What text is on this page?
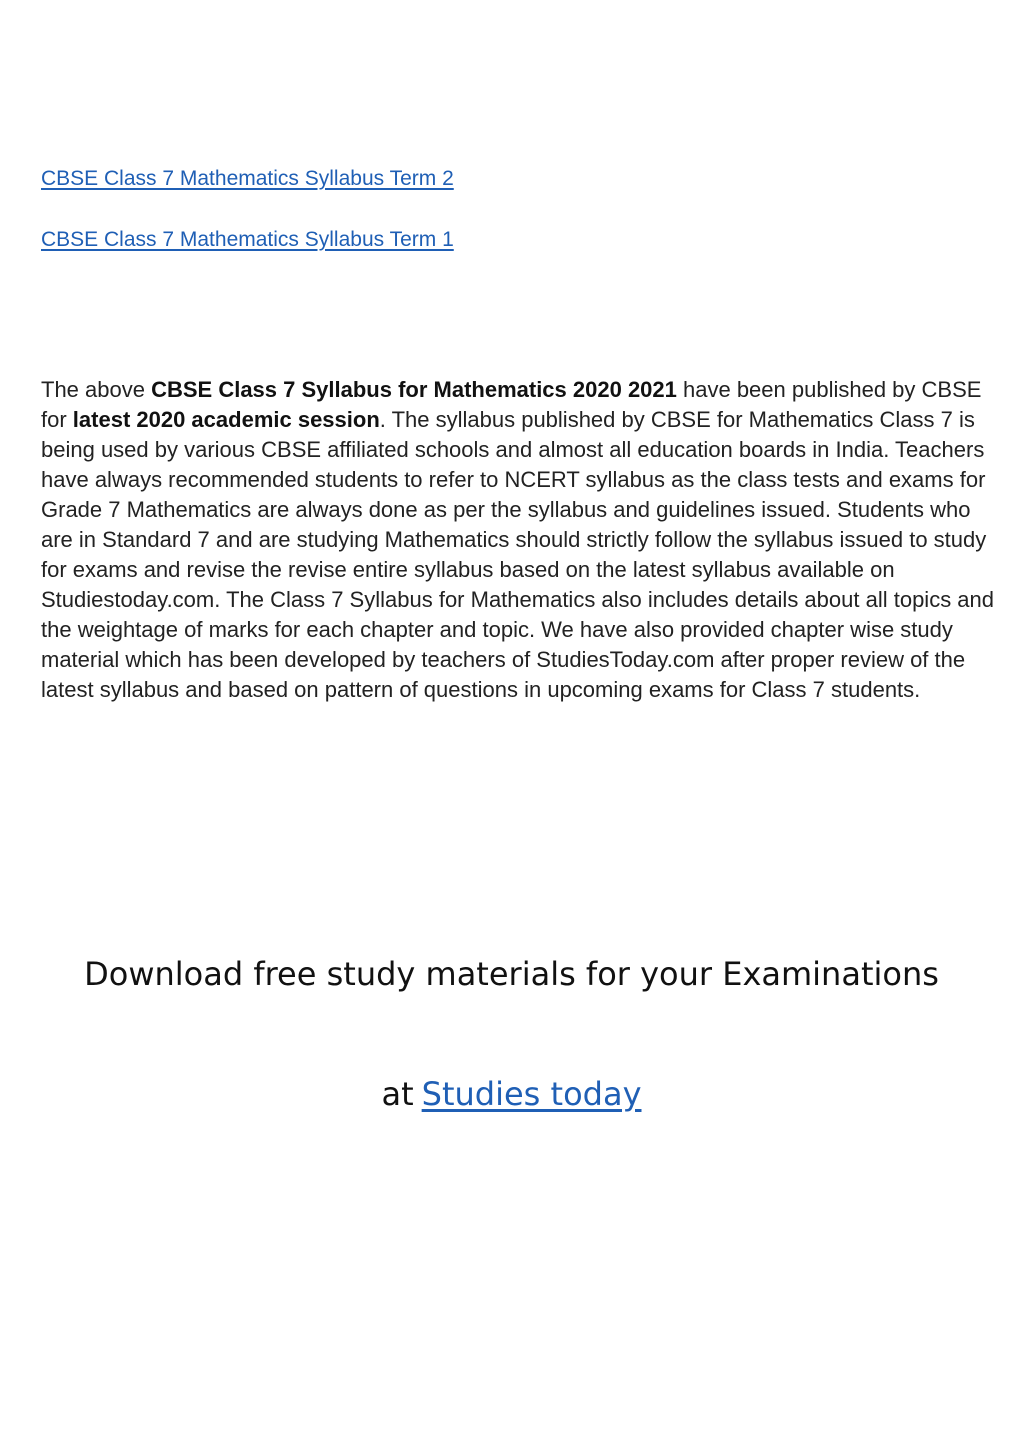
CBSE Class 7 Mathematics Syllabus Term 2
CBSE Class 7 Mathematics Syllabus Term 1
The above CBSE Class 7 Syllabus for Mathematics 2020 2021 have been published by CBSE for latest 2020 academic session. The syllabus published by CBSE for Mathematics Class 7 is being used by various CBSE affiliated schools and almost all education boards in India. Teachers have always recommended students to refer to NCERT syllabus as the class tests and exams for Grade 7 Mathematics are always done as per the syllabus and guidelines issued. Students who are in Standard 7 and are studying Mathematics should strictly follow the syllabus issued to study for exams and revise the revise entire syllabus based on the latest syllabus available on Studiestoday.com. The Class 7 Syllabus for Mathematics also includes details about all topics and the weightage of marks for each chapter and topic. We have also provided chapter wise study material which has been developed by teachers of StudiesToday.com after proper review of the latest syllabus and based on pattern of questions in upcoming exams for Class 7 students.
Download free study materials for your Examinations
at Studies today
